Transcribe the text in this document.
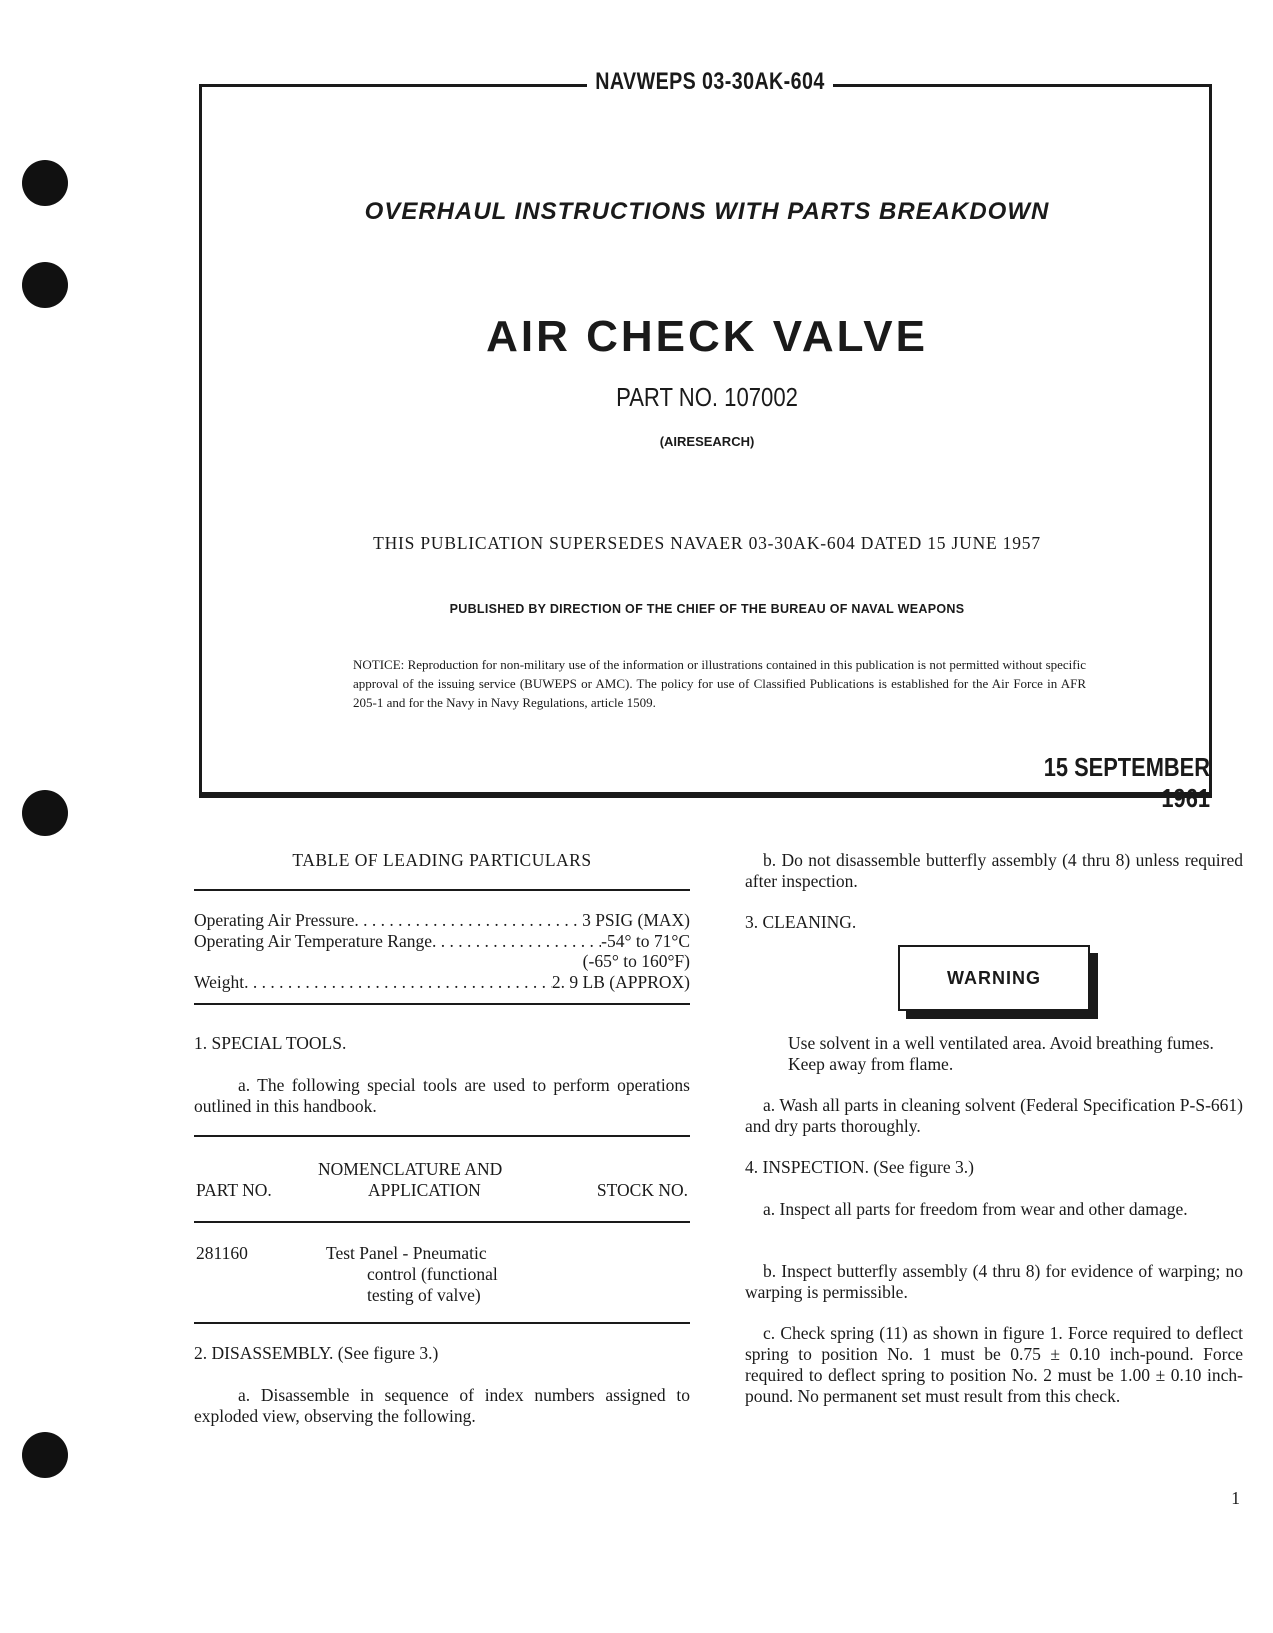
NAVWEPS 03-30AK-604
OVERHAUL INSTRUCTIONS WITH PARTS BREAKDOWN
AIR CHECK VALVE
PART NO. 107002
(AIRESEARCH)
THIS PUBLICATION SUPERSEDES NAVAER 03-30AK-604 DATED 15 JUNE 1957
PUBLISHED BY DIRECTION OF THE CHIEF OF THE BUREAU OF NAVAL WEAPONS
NOTICE: Reproduction for non-military use of the information or illustrations contained in this publication is not permitted without specific approval of the issuing service (BUWEPS or AMC). The policy for use of Classified Publications is established for the Air Force in AFR 205-1 and for the Navy in Navy Regulations, article 1509.
15 SEPTEMBER 1961
TABLE OF LEADING PARTICULARS
Operating Air Pressure . . .	3 PSIG (MAX)
Operating Air Temperature Range . . .	-54° to 71°C
(-65° to 160°F)
Weight . . .	2. 9 LB (APPROX)
1. SPECIAL TOOLS.
a. The following special tools are used to perform operations outlined in this handbook.
NOMENCLATURE AND
PART NO.	APPLICATION	STOCK NO.
281160	Test Panel - Pneumatic
control (functional
testing of valve)
2. DISASSEMBLY. (See figure 3.)
a. Disassemble in sequence of index numbers assigned to exploded view, observing the following.
b. Do not disassemble butterfly assembly (4 thru 8) unless required after inspection.
3. CLEANING.
WARNING
Use solvent in a well ventilated area. Avoid breathing fumes. Keep away from flame.
a. Wash all parts in cleaning solvent (Federal Specification P-S-661) and dry parts thoroughly.
4. INSPECTION. (See figure 3.)
a. Inspect all parts for freedom from wear and other damage.
b. Inspect butterfly assembly (4 thru 8) for evidence of warping; no warping is permissible.
c. Check spring (11) as shown in figure 1. Force required to deflect spring to position No. 1 must be 0.75 ± 0.10 inch-pound. Force required to deflect spring to position No. 2 must be 1.00 ± 0.10 inch-pound. No permanent set must result from this check.
1
